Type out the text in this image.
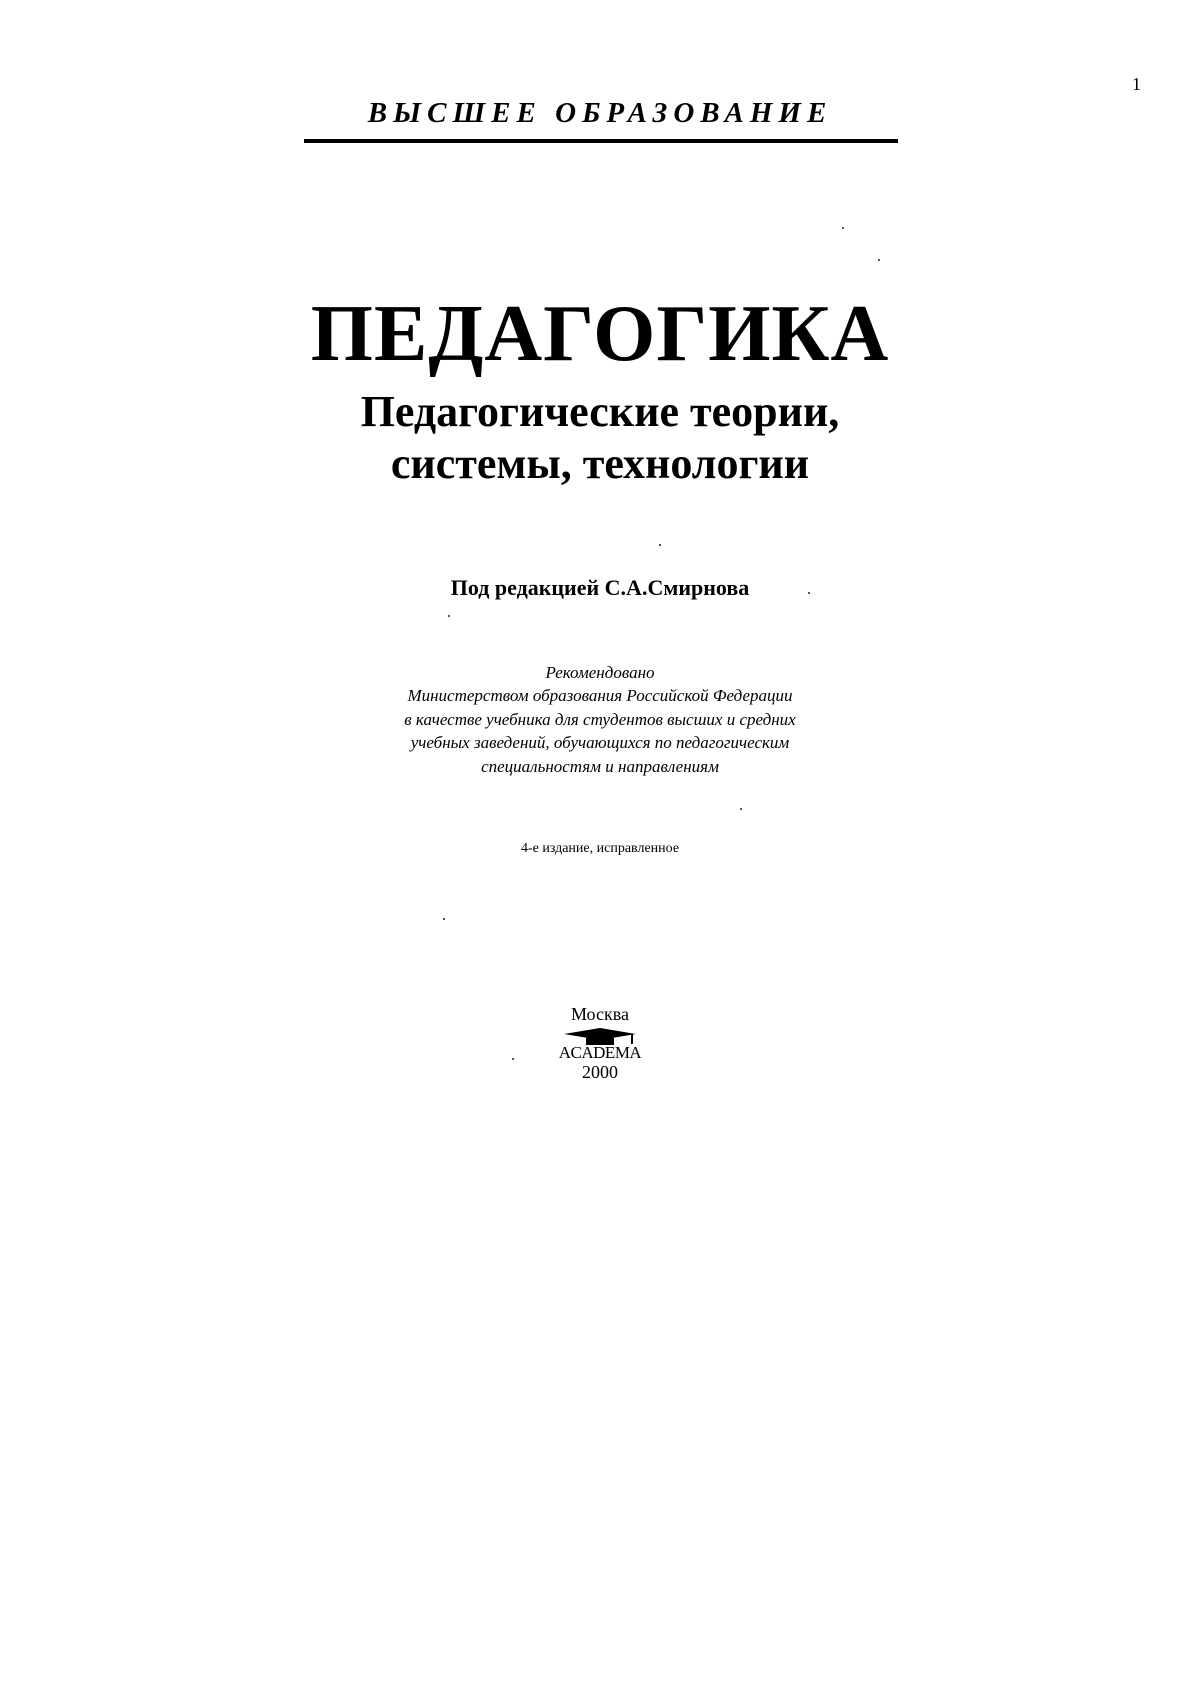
1
ВЫСШЕЕ ОБРАЗОВАНИЕ
ПЕДАГОГИКА
Педагогические теории,
системы, технологии
Под редакцией С.А.Смирнова
Рекомендовано
Министерством образования Российской Федерации
в качестве учебника для студентов высших и средних
учебных заведений, обучающихся по педагогическим
специальностям и направлениям
4-е издание, исправленное
Москва
ACADEMA
2000
